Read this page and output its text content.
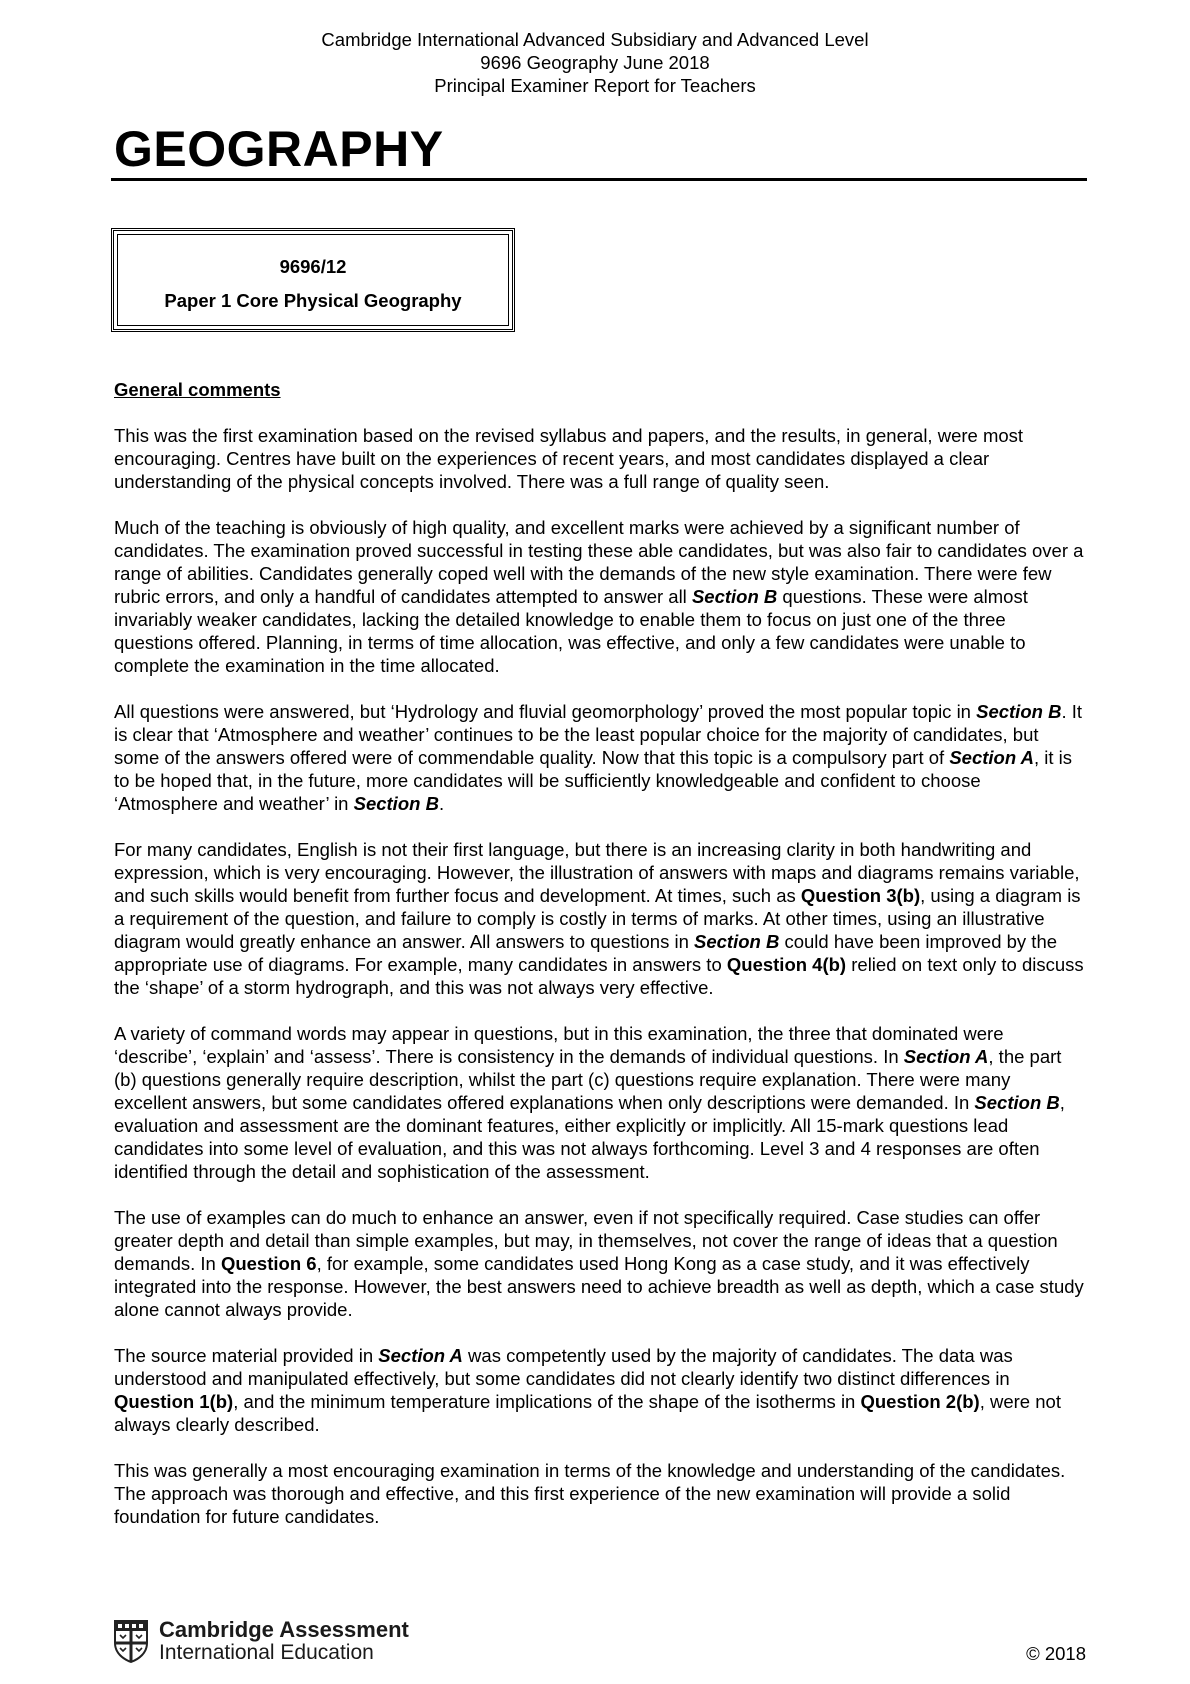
Cambridge International Advanced Subsidiary and Advanced Level
9696 Geography June 2018
Principal Examiner Report for Teachers
GEOGRAPHY
9696/12
Paper 1 Core Physical Geography
General comments

This was the first examination based on the revised syllabus and papers, and the results, in general, were most encouraging. Centres have built on the experiences of recent years, and most candidates displayed a clear understanding of the physical concepts involved. There was a full range of quality seen.

Much of the teaching is obviously of high quality, and excellent marks were achieved by a significant number of candidates. The examination proved successful in testing these able candidates, but was also fair to candidates over a range of abilities. Candidates generally coped well with the demands of the new style examination. There were few rubric errors, and only a handful of candidates attempted to answer all Section B questions. These were almost invariably weaker candidates, lacking the detailed knowledge to enable them to focus on just one of the three questions offered. Planning, in terms of time allocation, was effective, and only a few candidates were unable to complete the examination in the time allocated.

All questions were answered, but ‘Hydrology and fluvial geomorphology’ proved the most popular topic in Section B. It is clear that ‘Atmosphere and weather’ continues to be the least popular choice for the majority of candidates, but some of the answers offered were of commendable quality. Now that this topic is a compulsory part of Section A, it is to be hoped that, in the future, more candidates will be sufficiently knowledgeable and confident to choose ‘Atmosphere and weather’ in Section B.

For many candidates, English is not their first language, but there is an increasing clarity in both handwriting and expression, which is very encouraging. However, the illustration of answers with maps and diagrams remains variable, and such skills would benefit from further focus and development. At times, such as Question 3(b), using a diagram is a requirement of the question, and failure to comply is costly in terms of marks. At other times, using an illustrative diagram would greatly enhance an answer. All answers to questions in Section B could have been improved by the appropriate use of diagrams. For example, many candidates in answers to Question 4(b) relied on text only to discuss the ‘shape’ of a storm hydrograph, and this was not always very effective.

A variety of command words may appear in questions, but in this examination, the three that dominated were ‘describe’, ‘explain’ and ‘assess’. There is consistency in the demands of individual questions. In Section A, the part (b) questions generally require description, whilst the part (c) questions require explanation. There were many excellent answers, but some candidates offered explanations when only descriptions were demanded. In Section B, evaluation and assessment are the dominant features, either explicitly or implicitly. All 15-mark questions lead candidates into some level of evaluation, and this was not always forthcoming. Level 3 and 4 responses are often identified through the detail and sophistication of the assessment.

The use of examples can do much to enhance an answer, even if not specifically required. Case studies can offer greater depth and detail than simple examples, but may, in themselves, not cover the range of ideas that a question demands. In Question 6, for example, some candidates used Hong Kong as a case study, and it was effectively integrated into the response. However, the best answers need to achieve breadth as well as depth, which a case study alone cannot always provide.

The source material provided in Section A was competently used by the majority of candidates. The data was understood and manipulated effectively, but some candidates did not clearly identify two distinct differences in Question 1(b), and the minimum temperature implications of the shape of the isotherms in Question 2(b), were not always clearly described.

This was generally a most encouraging examination in terms of the knowledge and understanding of the candidates. The approach was thorough and effective, and this first experience of the new examination will provide a solid foundation for future candidates.

Cambridge Assessment
International Education	© 2018
